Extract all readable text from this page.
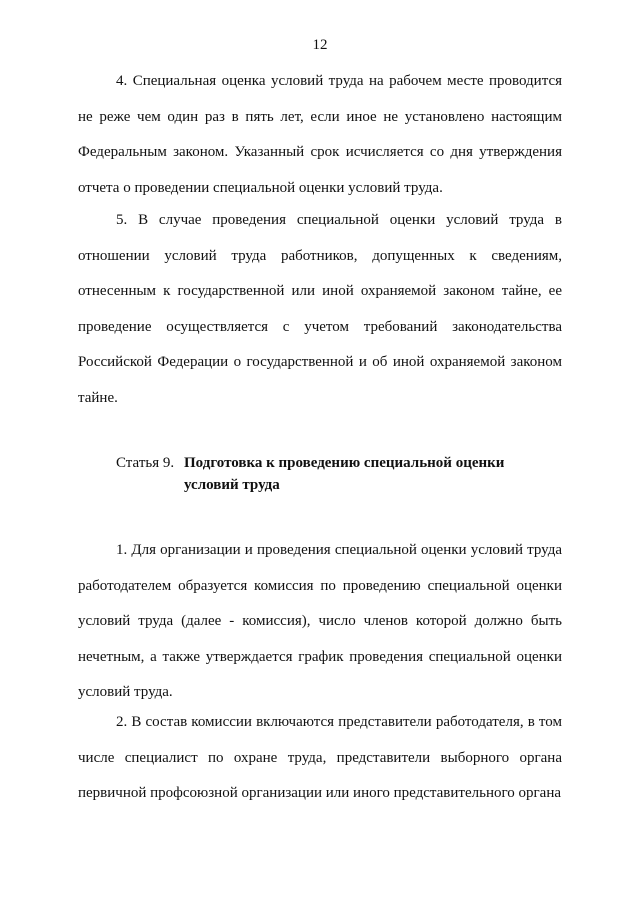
12

4. Специальная оценка условий труда на рабочем месте проводится не реже чем один раз в пять лет, если иное не установлено настоящим Федеральным законом. Указанный срок исчисляется со дня утверждения отчета о проведении специальной оценки условий труда.

5. В случае проведения специальной оценки условий труда в отношении условий труда работников, допущенных к сведениям, отнесенным к государственной или иной охраняемой законом тайне, ее проведение осуществляется с учетом требований законодательства Российской Федерации о государственной и об иной охраняемой законом тайне.

Статья 9. Подготовка к проведению специальной оценки условий труда

1. Для организации и проведения специальной оценки условий труда работодателем образуется комиссия по проведению специальной оценки условий труда (далее - комиссия), число членов которой должно быть нечетным, а также утверждается график проведения специальной оценки условий труда.

2. В состав комиссии включаются представители работодателя, в том числе специалист по охране труда, представители выборного органа первичной профсоюзной организации или иного представительного органа
